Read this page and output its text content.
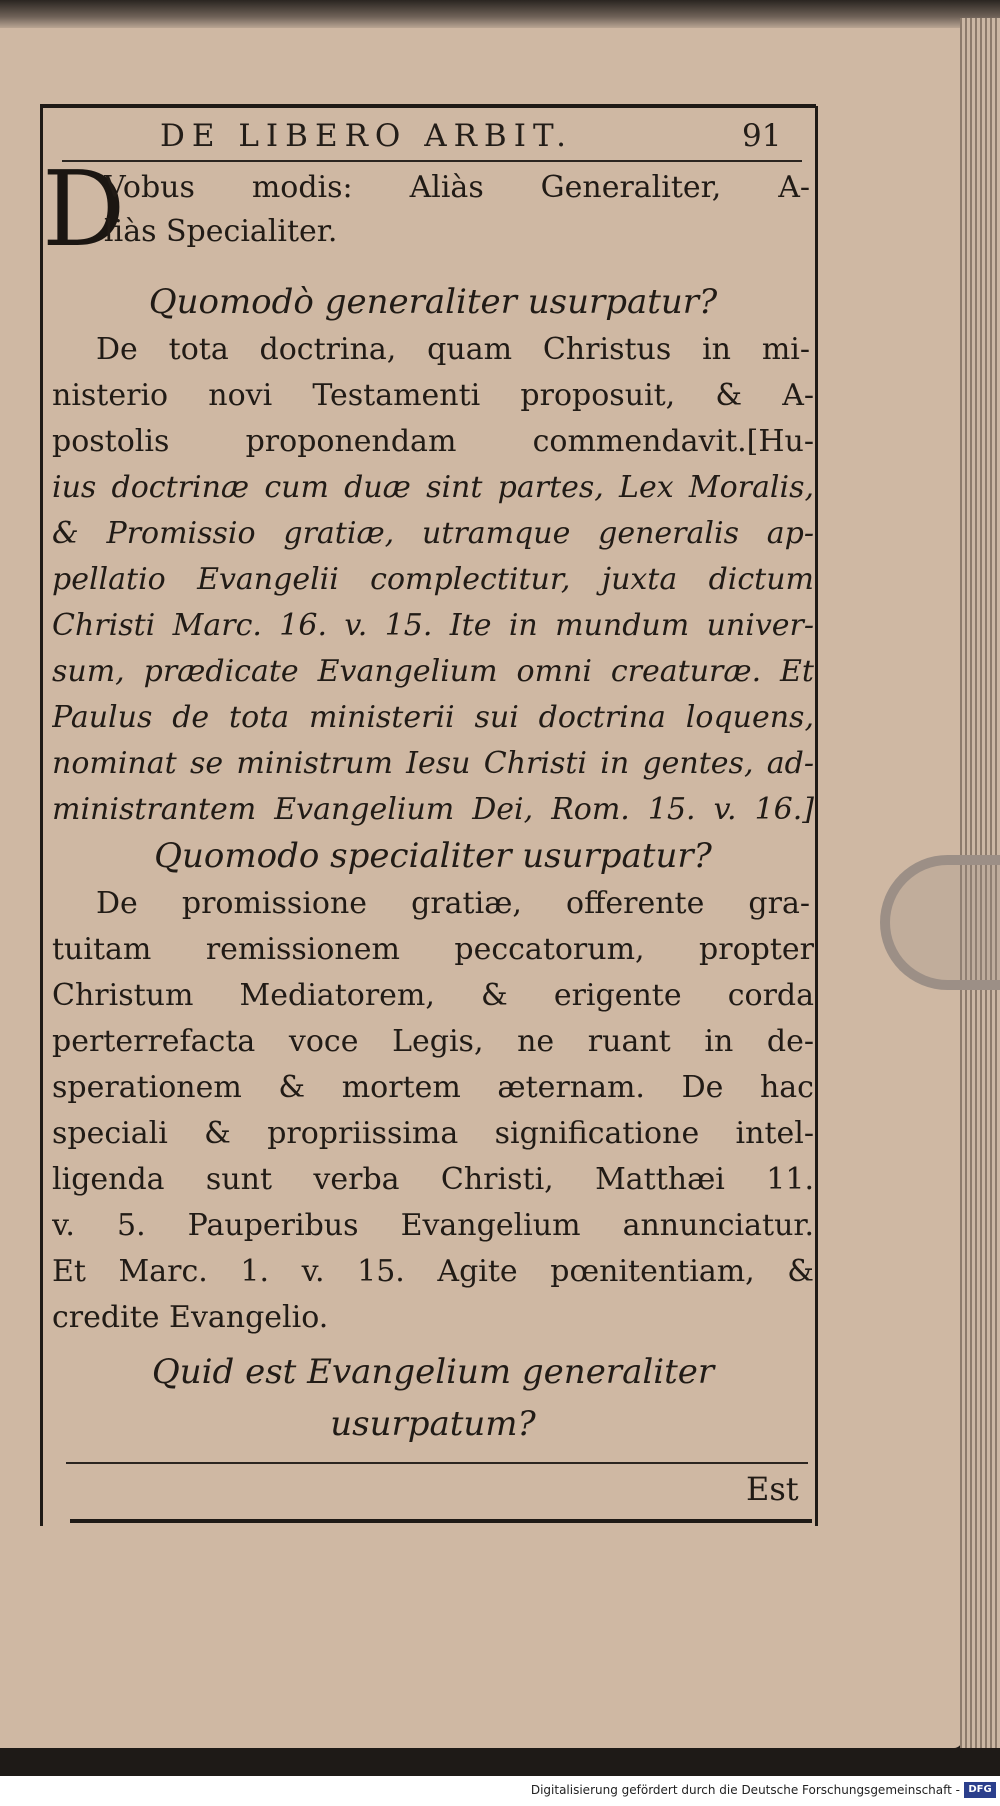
DE LIBERO ARBIT.	91
D
Vobus modis: Aliàs Generaliter, A-
liàs Specialiter.
Quomodò generaliter usurpatur?
De tota doctrina, quam Christus in mi-
nisterio novi Testamenti proposuit, & A-
postolis proponendam commendavit.[Hu-
ius doctrinæ cum duæ sint partes, Lex Moralis,
& Promissio gratiæ, utramque generalis ap-
pellatio Evangelii complectitur, juxta dictum
Christi Marc. 16. v. 15. Ite in mundum univer-
sum, prædicate Evangelium omni creaturæ. Et
Paulus de tota ministerii sui doctrina loquens,
nominat se ministrum Iesu Christi in gentes, ad-
ministrantem Evangelium Dei, Rom. 15. v. 16.]
Quomodo specialiter usurpatur?
De promissione gratiæ, offerente gra-
tuitam remissionem peccatorum, propter
Christum Mediatorem, & erigente corda
perterrefacta voce Legis, ne ruant in de-
sperationem & mortem æternam. De hac
speciali & propriissima significatione intel-
ligenda sunt verba Christi, Matthæi 11.
v. 5. Pauperibus Evangelium annunciatur.
Et Marc. 1. v. 15. Agite pœnitentiam, &
credite Evangelio.
Quid est Evangelium generaliter
usurpatum?
Est
Digitalisierung gefördert durch die Deutsche Forschungsgemeinschaft - DFG
